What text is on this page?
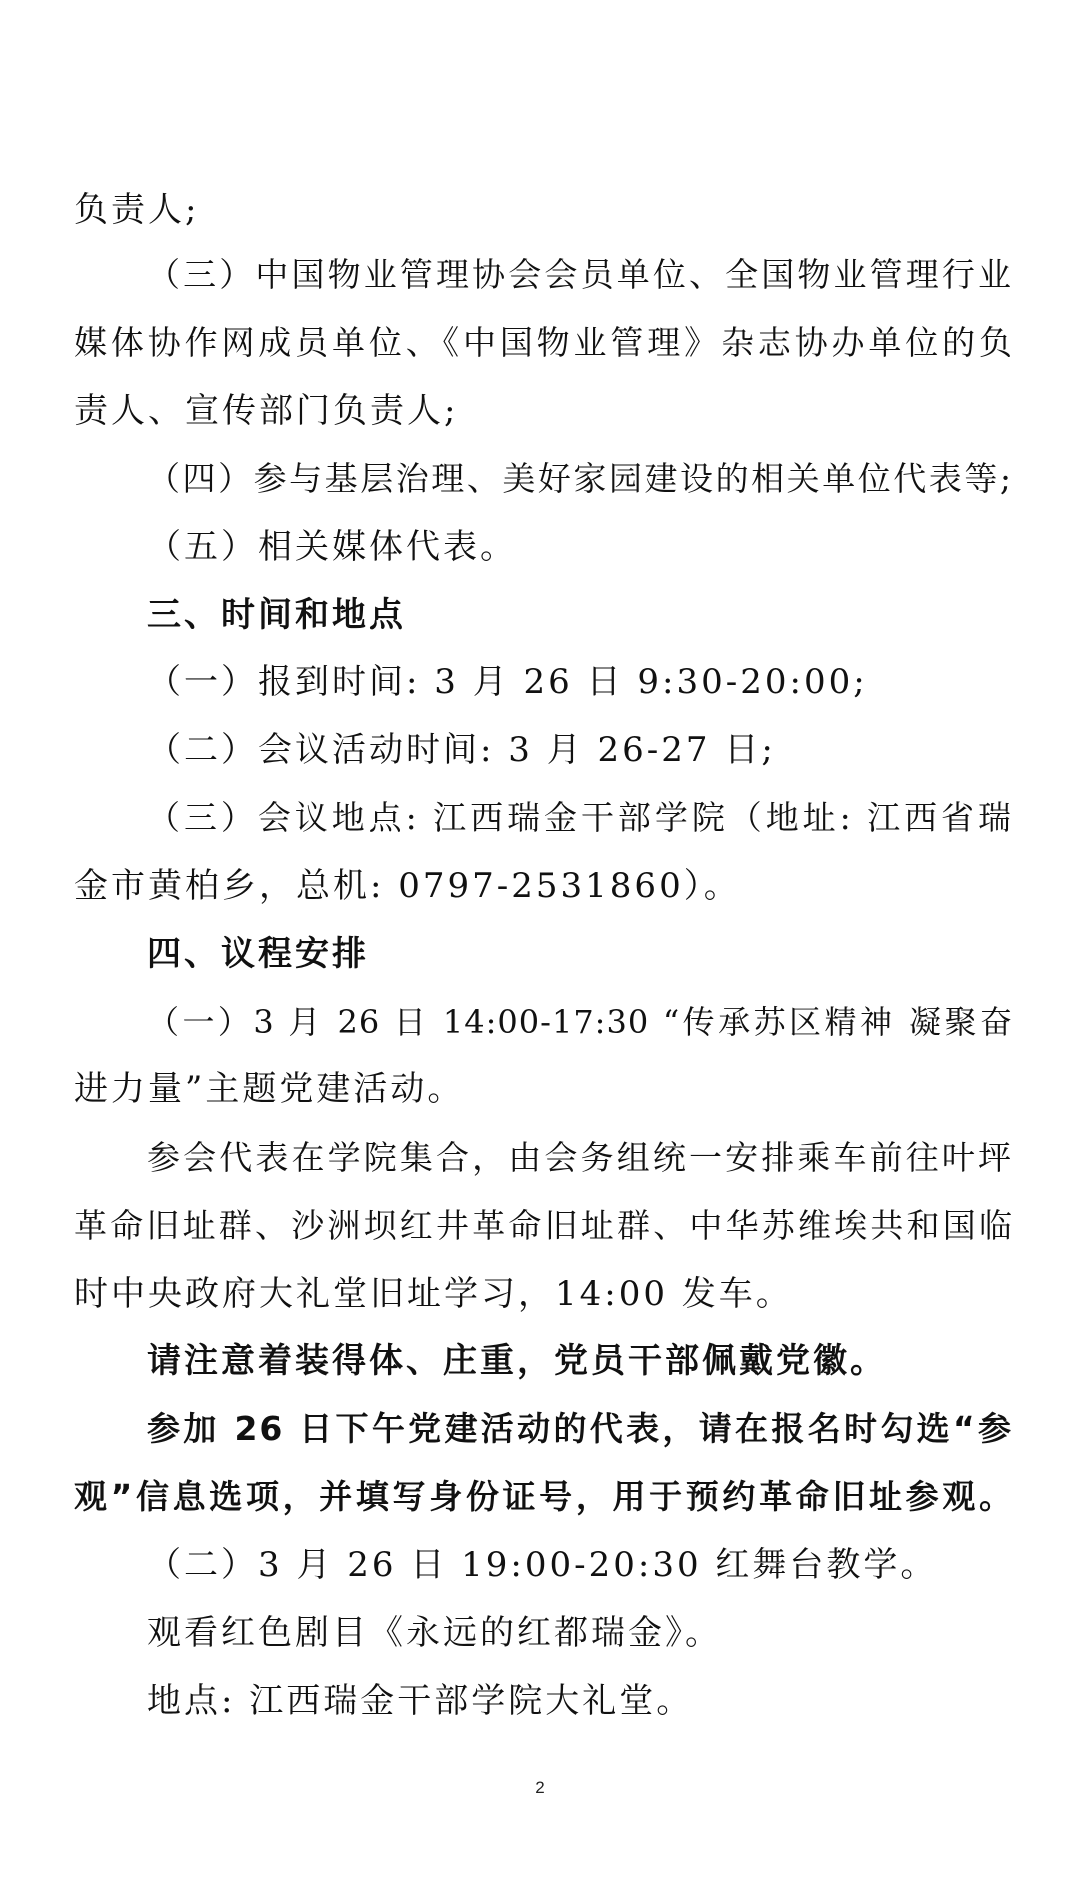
负责人;
（三）中国物业管理协会会员单位、全国物业管理行业
媒体协作网成员单位、《中国物业管理》杂志协办单位的负
责人、宣传部门负责人;
（四）参与基层治理、美好家园建设的相关单位代表等;
（五）相关媒体代表。
三、时间和地点
（一）报到时间: 3 月 26 日 9:30-20:00;
（二）会议活动时间: 3 月 26-27 日;
（三）会议地点: 江西瑞金干部学院（地址: 江西省瑞
金市黄柏乡，总机: 0797-2531860）。
四、议程安排
（一）3 月 26 日 14:00-17:30 “传承苏区精神 凝聚奋
进力量”主题党建活动。
参会代表在学院集合，由会务组统一安排乘车前往叶坪
革命旧址群、沙洲坝红井革命旧址群、中华苏维埃共和国临
时中央政府大礼堂旧址学习，14:00 发车。
请注意着装得体、庄重，党员干部佩戴党徽。
参加 26 日下午党建活动的代表，请在报名时勾选“参
观”信息选项，并填写身份证号，用于预约革命旧址参观。
（二）3 月 26 日 19:00-20:30 红舞台教学。
观看红色剧目《永远的红都瑞金》。
地点: 江西瑞金干部学院大礼堂。
2
